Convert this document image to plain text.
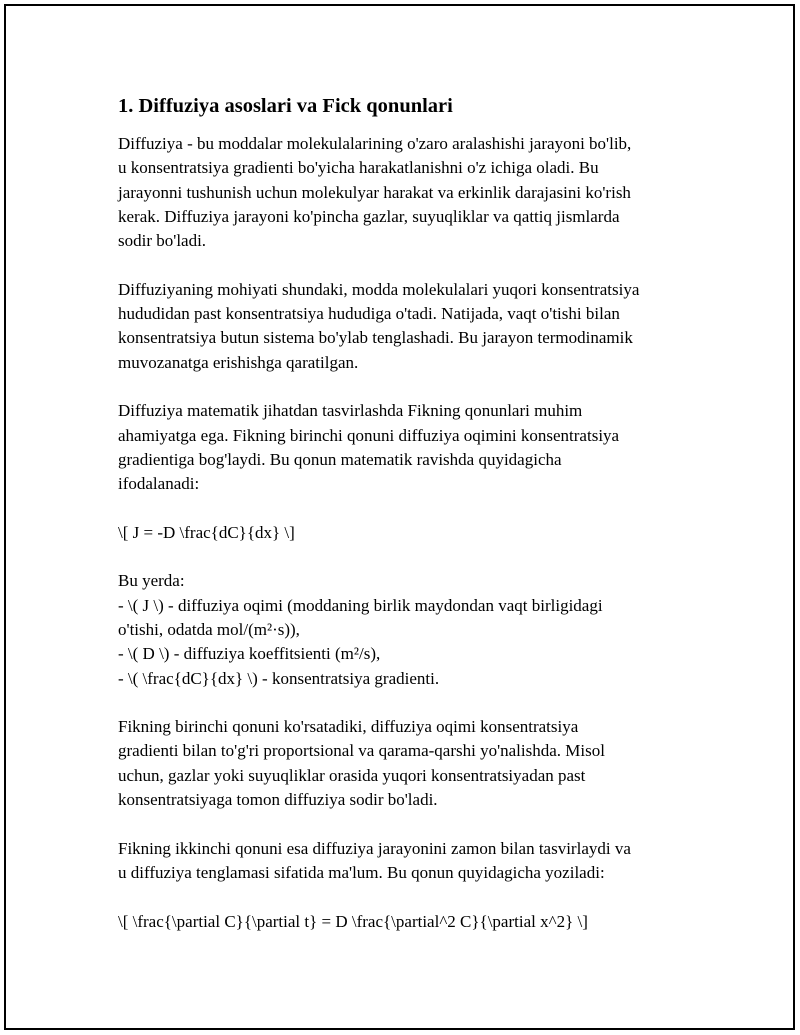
1. Diffuziya asoslari va Fick qonunlari

Diffuziya - bu moddalar molekulalarining o'zaro aralashishi jarayoni bo'lib,

u konsentratsiya gradienti bo'yicha harakatlanishni o'z ichiga oladi. Bu

jarayonni tushunish uchun molekulyar harakat va erkinlik darajasini ko'rish

kerak. Diffuziya jarayoni ko'pincha gazlar, suyuqliklar va qattiq jismlarda

sodir bo'ladi.

Diffuziyaning mohiyati shundaki, modda molekulalari yuqori konsentratsiya

hududidan past konsentratsiya hududiga o'tadi. Natijada, vaqt o'tishi bilan

konsentratsiya butun sistema bo'ylab tenglashadi. Bu jarayon termodinamik

muvozanatga erishishga qaratilgan.

Diffuziya matematik jihatdan tasvirlashda Fikning qonunlari muhim

ahamiyatga ega. Fikning birinchi qonuni diffuziya oqimini konsentratsiya

gradientiga bog'laydi. Bu qonun matematik ravishda quyidagicha

ifodalanadi:

\[ J = -D \frac{dC}{dx} \]

Bu yerda:

- \( J \) - diffuziya oqimi (moddaning birlik maydondan vaqt birligidagi

o'tishi, odatda mol/(m²·s)),

- \( D \) - diffuziya koeffitsienti (m²/s),

- \( \frac{dC}{dx} \) - konsentratsiya gradienti.

Fikning birinchi qonuni ko'rsatadiki, diffuziya oqimi konsentratsiya

gradienti bilan to'g'ri proportsional va qarama-qarshi yo'nalishda. Misol

uchun, gazlar yoki suyuqliklar orasida yuqori konsentratsiyadan past

konsentratsiyaga tomon diffuziya sodir bo'ladi.

Fikning ikkinchi qonuni esa diffuziya jarayonini zamon bilan tasvirlaydi va

u diffuziya tenglamasi sifatida ma'lum. Bu qonun quyidagicha yoziladi:

\[ \frac{\partial C}{\partial t} = D \frac{\partial^2 C}{\partial x^2} \]
